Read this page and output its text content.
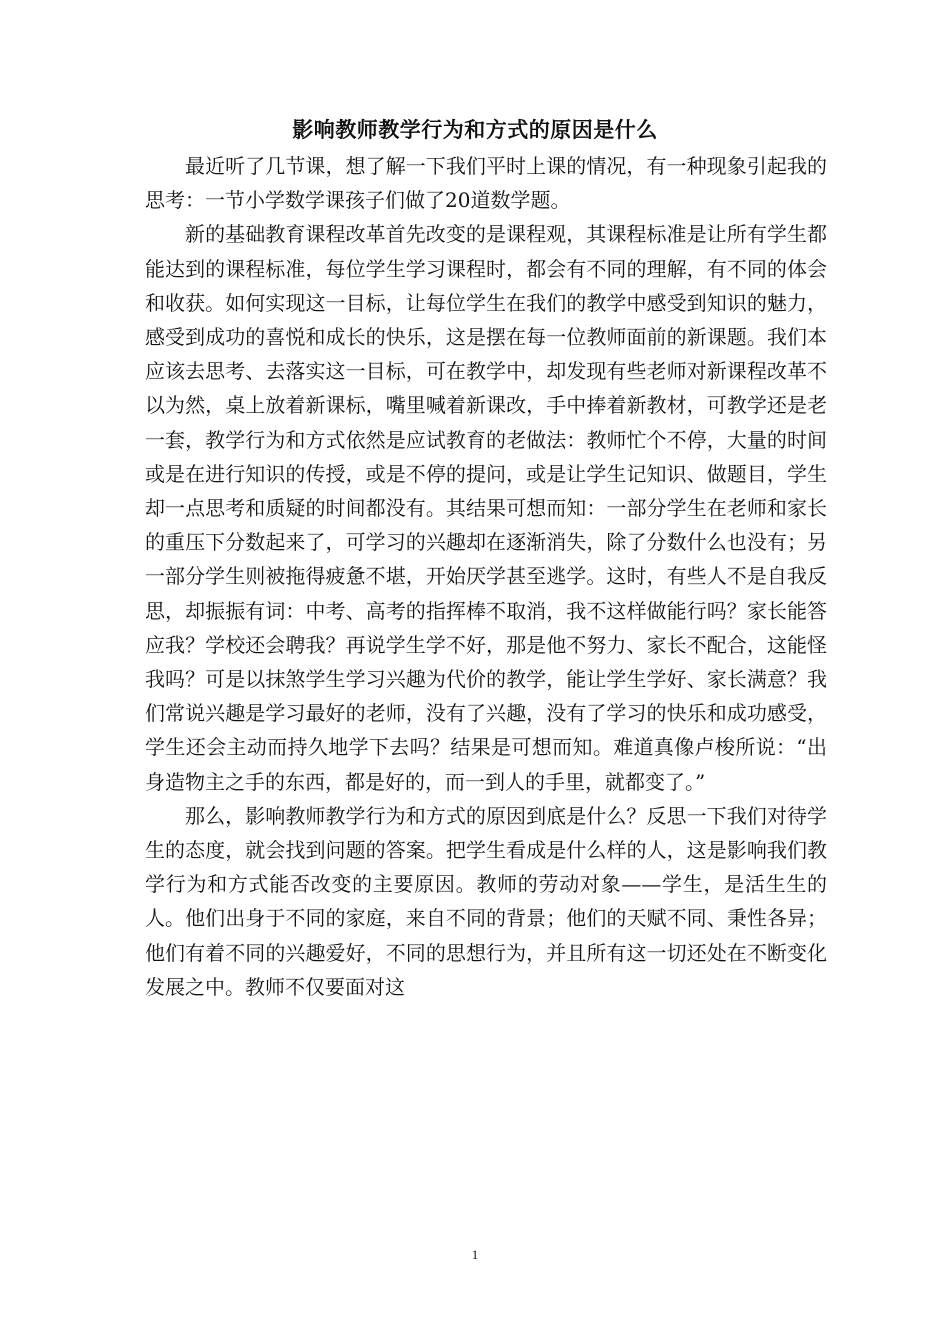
影响教师教学行为和方式的原因是什么

最近听了几节课，想了解一下我们平时上课的情况，有一种现象引起我的思考：一节小学数学课孩子们做了20道数学题。

新的基础教育课程改革首先改变的是课程观，其课程标准是让所有学生都能达到的课程标准，每位学生学习课程时，都会有不同的理解，有不同的体会和收获。如何实现这一目标，让每位学生在我们的教学中感受到知识的魅力，感受到成功的喜悦和成长的快乐，这是摆在每一位教师面前的新课题。我们本应该去思考、去落实这一目标，可在教学中，却发现有些老师对新课程改革不以为然，桌上放着新课标，嘴里喊着新课改，手中捧着新教材，可教学还是老一套，教学行为和方式依然是应试教育的老做法：教师忙个不停，大量的时间或是在进行知识的传授，或是不停的提问，或是让学生记知识、做题目，学生却一点思考和质疑的时间都没有。其结果可想而知：一部分学生在老师和家长的重压下分数起来了，可学习的兴趣却在逐渐消失，除了分数什么也没有；另一部分学生则被拖得疲惫不堪，开始厌学甚至逃学。这时，有些人不是自我反思，却振振有词：中考、高考的指挥棒不取消，我不这样做能行吗？家长能答应我？学校还会聘我？再说学生学不好，那是他不努力、家长不配合，这能怪我吗？可是以抹煞学生学习兴趣为代价的教学，能让学生学好、家长满意？我们常说兴趣是学习最好的老师，没有了兴趣，没有了学习的快乐和成功感受，学生还会主动而持久地学下去吗？结果是可想而知。难道真像卢梭所说：“出身造物主之手的东西，都是好的，而一到人的手里，就都变了。”

那么，影响教师教学行为和方式的原因到底是什么？反思一下我们对待学生的态度，就会找到问题的答案。把学生看成是什么样的人，这是影响我们教学行为和方式能否改变的主要原因。教师的劳动对象——学生，是活生生的人。他们出身于不同的家庭，来自不同的背景；他们的天赋不同、秉性各异；他们有着不同的兴趣爱好，不同的思想行为，并且所有这一切还处在不断变化发展之中。教师不仅要面对这

1
